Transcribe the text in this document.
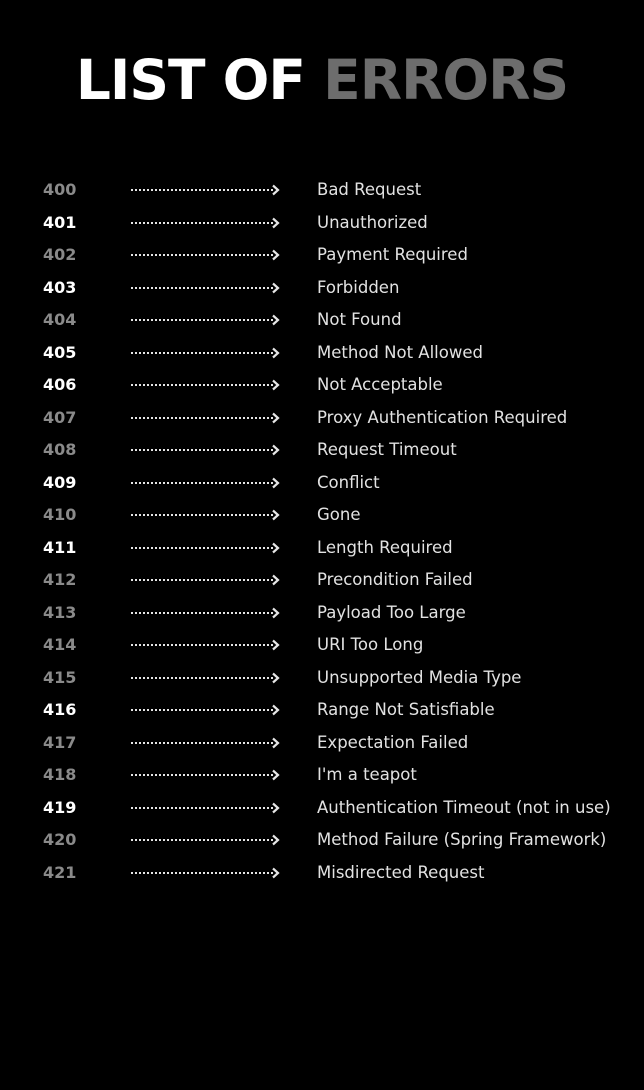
LIST OF ERRORS
400	Bad Request
401	Unauthorized
402	Payment Required
403	Forbidden
404	Not Found
405	Method Not Allowed
406	Not Acceptable
407	Proxy Authentication Required
408	Request Timeout
409	Conflict
410	Gone
411	Length Required
412	Precondition Failed
413	Payload Too Large
414	URI Too Long
415	Unsupported Media Type
416	Range Not Satisfiable
417	Expectation Failed
418	I'm a teapot
419	Authentication Timeout (not in use)
420	Method Failure (Spring Framework)
421	Misdirected Request
